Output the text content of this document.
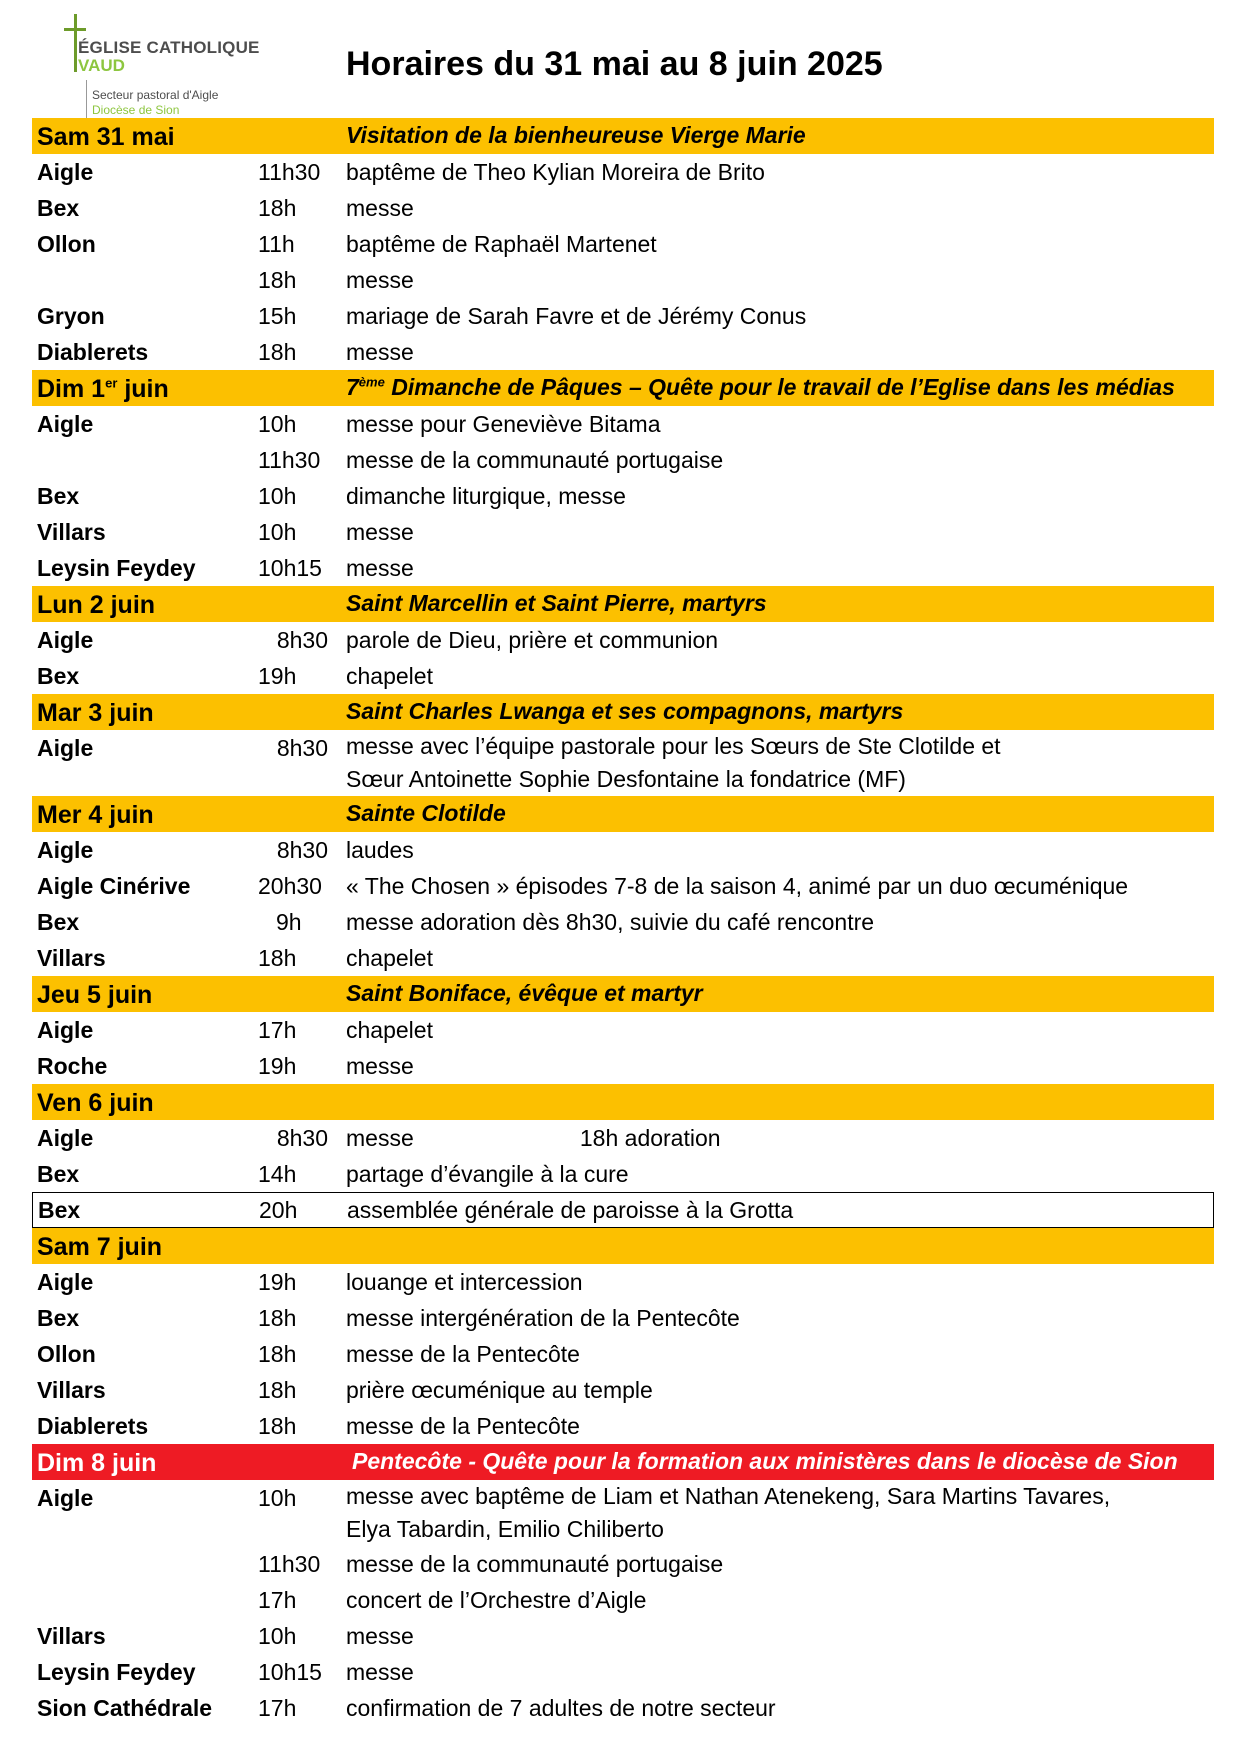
ÉGLISE CATHOLIQUE
VAUD
Secteur pastoral d'Aigle
Diocèse de Sion
Horaires du 31 mai au 8 juin 2025
Sam 31 mai	Visitation de la bienheureuse Vierge Marie
Aigle	11h30	baptême de Theo Kylian Moreira de Brito
Bex	18h	messe
Ollon	11h	baptême de Raphaël Martenet
18h	messe
Gryon	15h	mariage de Sarah Favre et de Jérémy Conus
Diablerets	18h	messe
Dim 1er juin	7ème Dimanche de Pâques – Quête pour le travail de l’Eglise dans les médias
Aigle	10h	messe pour Geneviève Bitama
11h30	messe de la communauté portugaise
Bex	10h	dimanche liturgique, messe
Villars	10h	messe
Leysin Feydey	10h15 messe
Lun 2 juin	Saint Marcellin et Saint Pierre, martyrs
Aigle	8h30 parole de Dieu, prière et communion
Bex	19h	chapelet
Mar 3 juin	Saint Charles Lwanga et ses compagnons, martyrs
Aigle	8h30 messe avec l’équipe pastorale pour les Sœurs de Ste Clotilde et
Sœur Antoinette Sophie Desfontaine la fondatrice (MF)
Mer 4 juin	Sainte Clotilde
Aigle	8h30 laudes
Aigle Cinérive	20h30 « The Chosen » épisodes 7-8 de la saison 4, animé par un duo œcuménique
Bex	9h	messe adoration dès 8h30, suivie du café rencontre
Villars	18h	chapelet
Jeu 5 juin	Saint Boniface, évêque et martyr
Aigle	17h	chapelet
Roche	19h	messe
Ven 6 juin
Aigle	8h30 messe                          18h adoration
Bex	14h	partage d’évangile à la cure
Bex	20h	assemblée générale de paroisse à la Grotta
Sam 7 juin
Aigle	19h	louange et intercession
Bex	18h	messe intergénération de la Pentecôte
Ollon	18h	messe de la Pentecôte
Villars	18h	prière œcuménique au temple
Diablerets	18h	messe de la Pentecôte
Dim 8 juin	Pentecôte - Quête pour la formation aux ministères dans le diocèse de Sion
Aigle	10h	messe avec baptême de Liam et Nathan Atenekeng, Sara Martins Tavares,
Elya Tabardin, Emilio Chiliberto
11h30	messe de la communauté portugaise
17h	concert de l’Orchestre d’Aigle
Villars	10h	messe
Leysin Feydey	10h15 messe
Sion Cathédrale 17h	confirmation de 7 adultes de notre secteur
